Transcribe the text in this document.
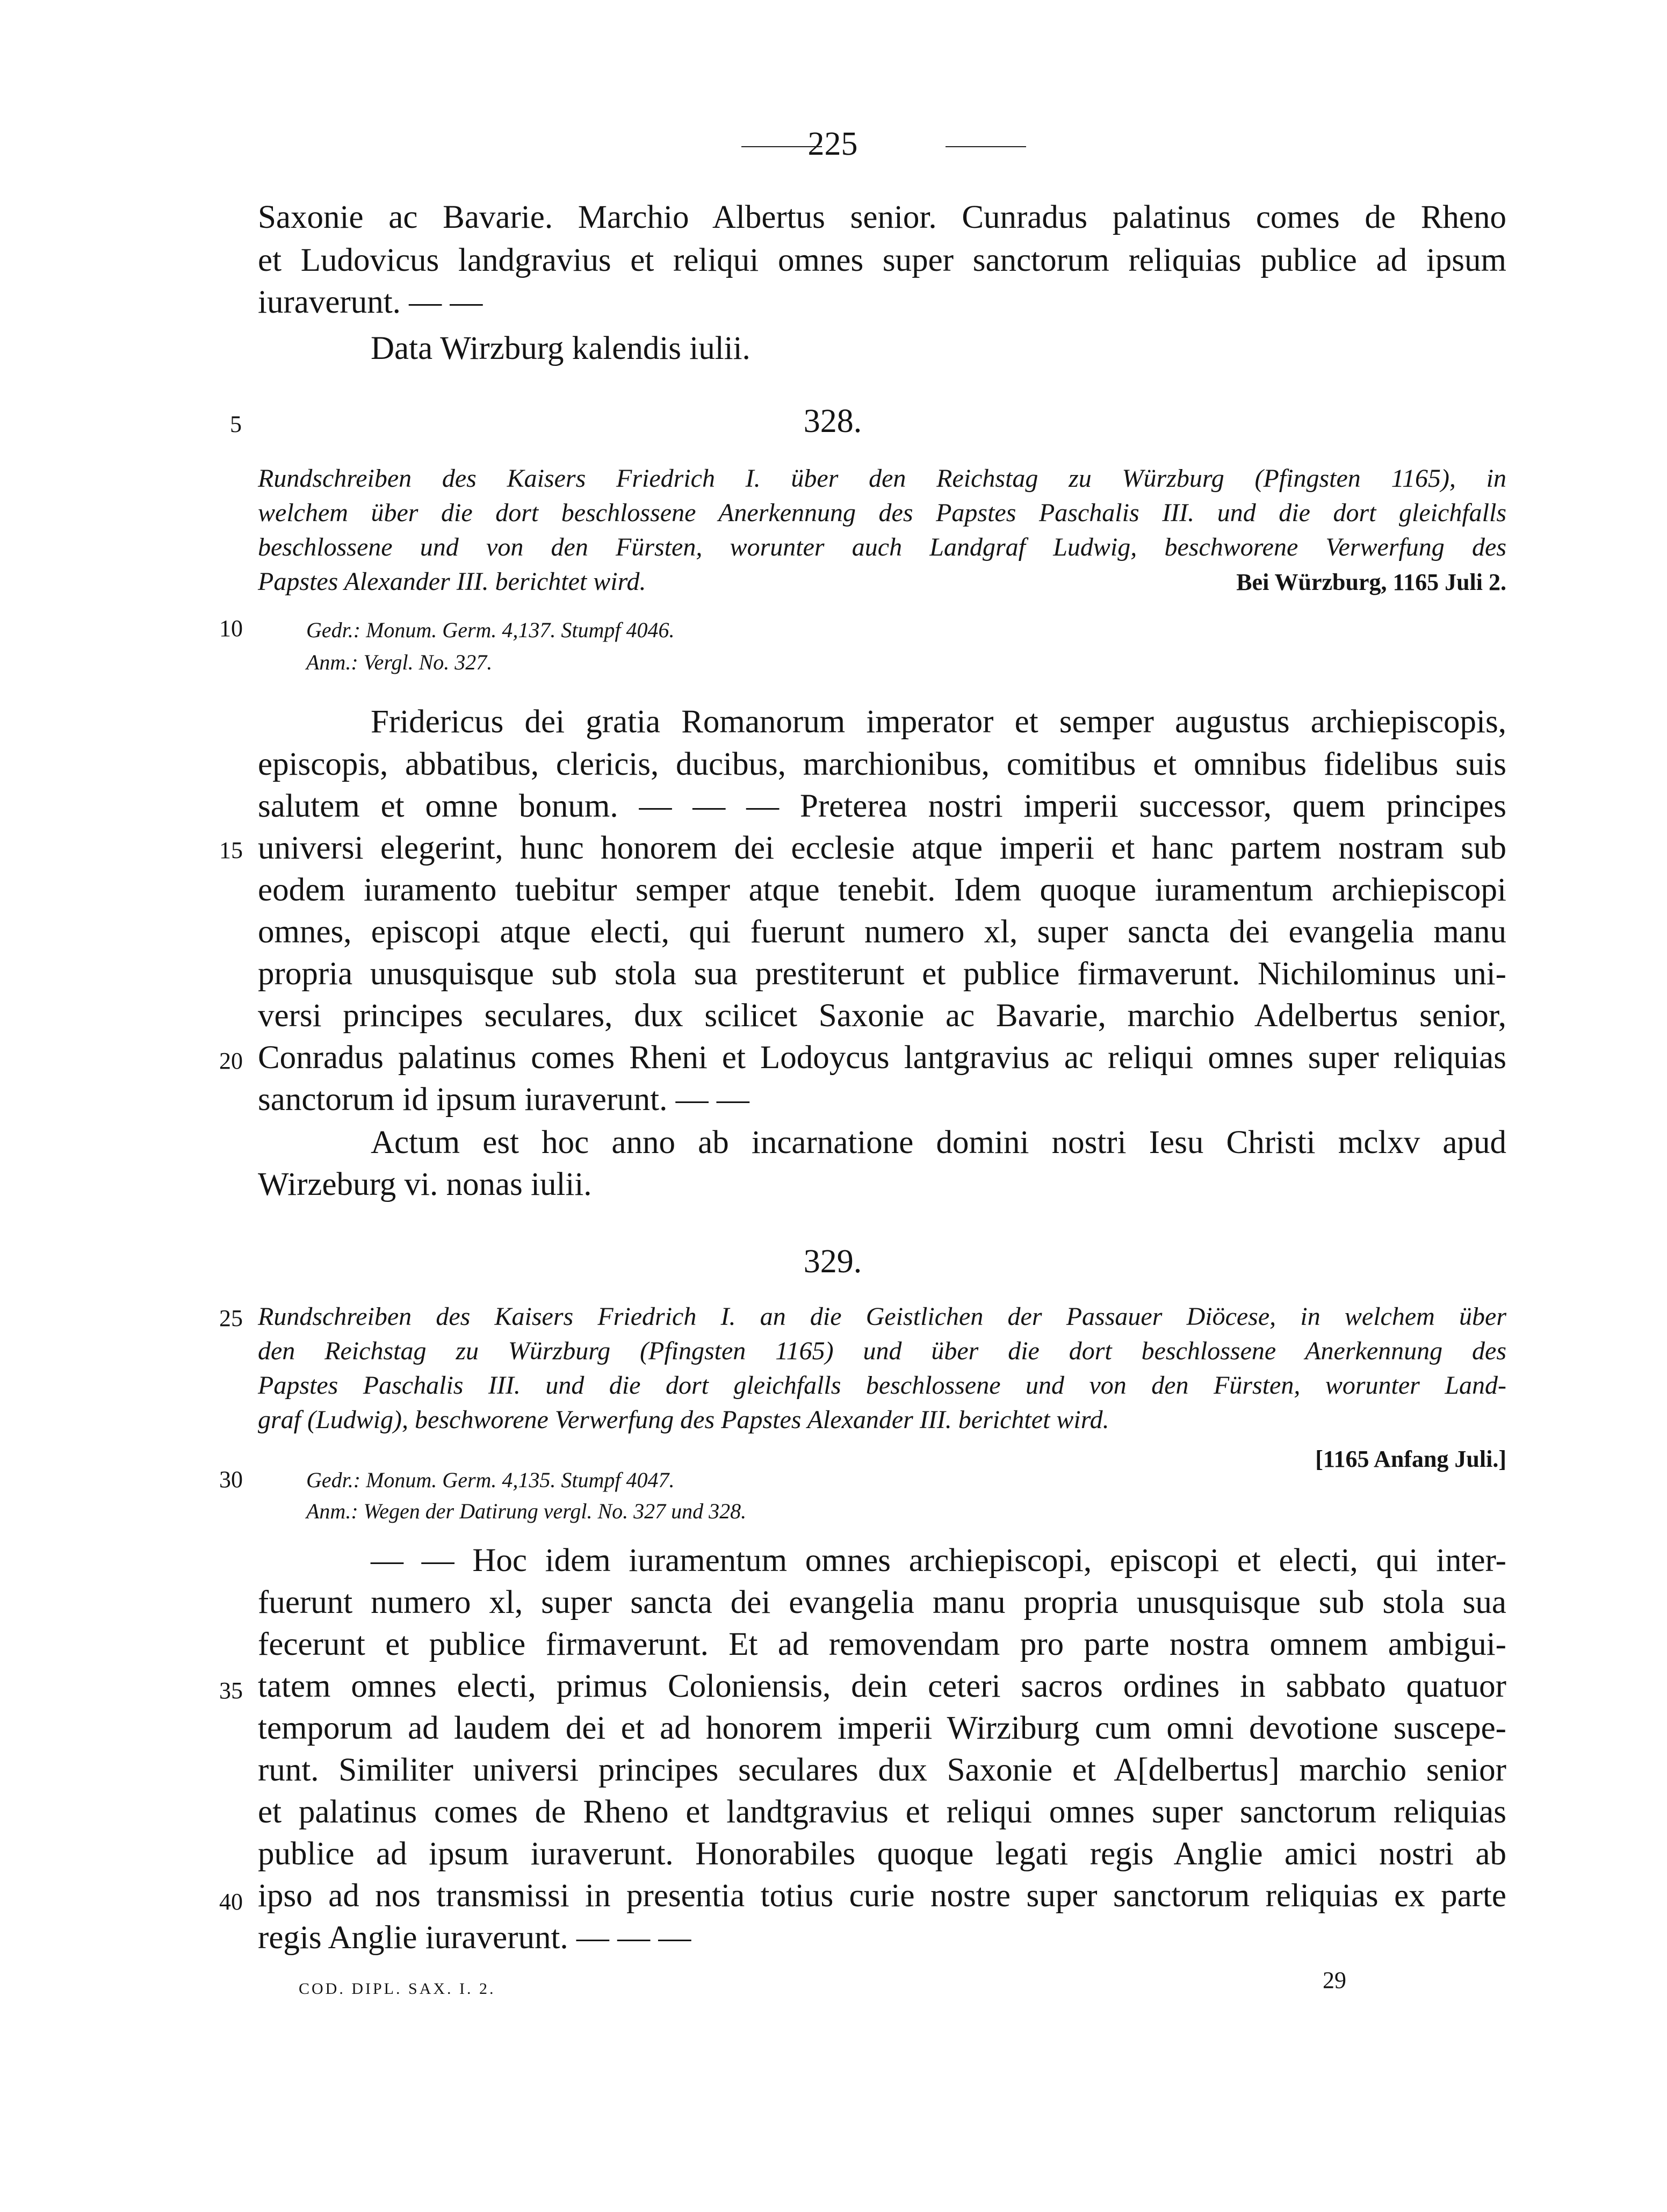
225
Saxonie ac Bavarie. Marchio Albertus senior. Cunradus palatinus comes de Rheno
et Ludovicus landgravius et reliqui omnes super sanctorum reliquias publice ad ipsum
iuraverunt. — —
Data Wirzburg kalendis iulii.
5	328.
Rundschreiben des Kaisers Friedrich I. über den Reichstag zu Würzburg (Pfingsten 1165), in
welchem über die dort beschlossene Anerkennung des Papstes Paschalis III. und die dort gleichfalls
beschlossene und von den Fürsten, worunter auch Landgraf Ludwig, beschworene Verwerfung des
Papstes Alexander III. berichtet wird.	Bei Würzburg, 1165 Juli 2.
10	Gedr.: Monum. Germ. 4,137. Stumpf 4046.
Anm.: Vergl. No. 327.
Fridericus dei gratia Romanorum imperator et semper augustus archiepiscopis,
episcopis, abbatibus, clericis, ducibus, marchionibus, comitibus et omnibus fidelibus suis
salutem et omne bonum. — — — Preterea nostri imperii successor, quem principes
15 universi elegerint, hunc honorem dei ecclesie atque imperii et hanc partem nostram sub
eodem iuramento tuebitur semper atque tenebit. Idem quoque iuramentum archiepiscopi
omnes, episcopi atque electi, qui fuerunt numero xl, super sancta dei evangelia manu
propria unusquisque sub stola sua prestiterunt et publice firmaverunt. Nichilominus uni-
versi principes seculares, dux scilicet Saxonie ac Bavarie, marchio Adelbertus senior,
20 Conradus palatinus comes Rheni et Lodoycus lantgravius ac reliqui omnes super reliquias
sanctorum id ipsum iuraverunt. — —
Actum est hoc anno ab incarnatione domini nostri Iesu Christi mclxv apud
Wirzeburg vi. nonas iulii.
329.
25 Rundschreiben des Kaisers Friedrich I. an die Geistlichen der Passauer Diöcese, in welchem über
den Reichstag zu Würzburg (Pfingsten 1165) und über die dort beschlossene Anerkennung des
Papstes Paschalis III. und die dort gleichfalls beschlossene und von den Fürsten, worunter Land-
graf (Ludwig), beschworene Verwerfung des Papstes Alexander III. berichtet wird.
[1165 Anfang Juli.]
30	Gedr.: Monum. Germ. 4,135. Stumpf 4047.
Anm.: Wegen der Datirung vergl. No. 327 und 328.
— — Hoc idem iuramentum omnes archiepiscopi, episcopi et electi, qui inter-
fuerunt numero xl, super sancta dei evangelia manu propria unusquisque sub stola sua
fecerunt et publice firmaverunt. Et ad removendam pro parte nostra omnem ambigui-
35 tatem omnes electi, primus Coloniensis, dein ceteri sacros ordines in sabbato quatuor
temporum ad laudem dei et ad honorem imperii Wirziburg cum omni devotione suscepe-
runt. Similiter universi principes seculares dux Saxonie et A[delbertus] marchio senior
et palatinus comes de Rheno et landtgravius et reliqui omnes super sanctorum reliquias
publice ad ipsum iuraverunt. Honorabiles quoque legati regis Anglie amici nostri ab
40 ipso ad nos transmissi in presentia totius curie nostre super sanctorum reliquias ex parte
regis Anglie iuraverunt. — — —
COD. DIPL. SAX. I. 2.	29
